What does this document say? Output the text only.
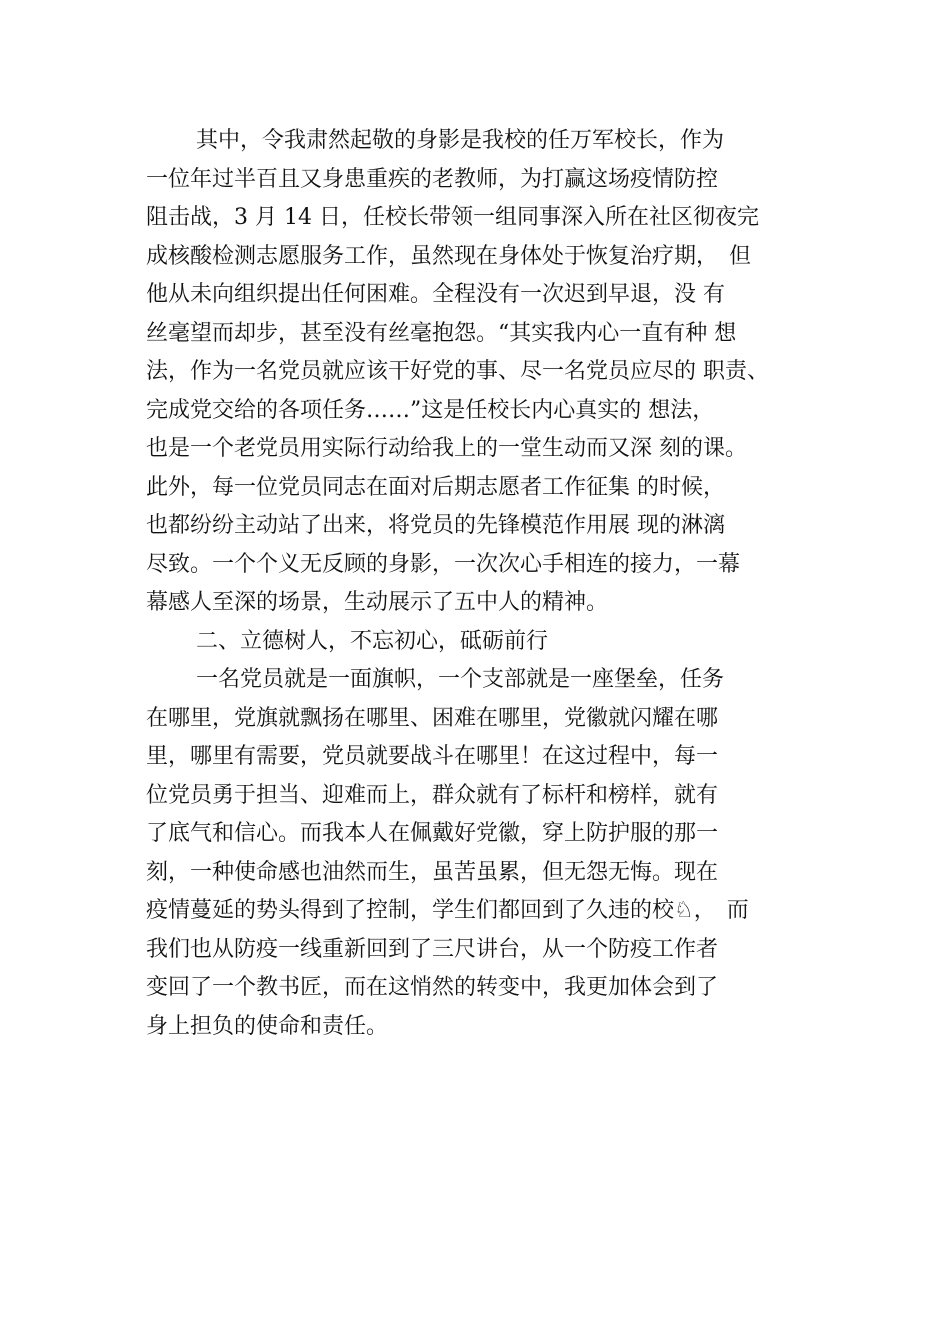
其中，令我肃然起敬的身影是我校的任万军校长，作为
一位年过半百且又身患重疾的老教师，为打赢这场疫情防控
阻击战，3 月 14 日，任校长带领一组同事深入所在社区彻夜完
成核酸检测志愿服务工作，虽然现在身体处于恢复治疗期，　但
他从未向组织提出任何困难。全程没有一次迟到早退，没 有
丝毫望而却步，甚至没有丝毫抱怨。“其实我内心一直有种 想
法，作为一名党员就应该干好党的事、尽一名党员应尽的 职责、
完成党交给的各项任务……”这是任校长内心真实的 想法，
也是一个老党员用实际行动给我上的一堂生动而又深 刻的课。
此外，每一位党员同志在面对后期志愿者工作征集 的时候，
也都纷纷主动站了出来，将党员的先锋模范作用展 现的淋漓
尽致。一个个义无反顾的身影，一次次心手相连的接力，一幕
幕感人至深的场景，生动展示了五中人的精神。
二、立德树人，不忘初心，砥砺前行
一名党员就是一面旗帜，一个支部就是一座堡垒，任务
在哪里，党旗就飘扬在哪里、困难在哪里，党徽就闪耀在哪
里，哪里有需要，党员就要战斗在哪里！在这过程中，每一
位党员勇于担当、迎难而上，群众就有了标杆和榜样，就有
了底气和信心。而我本人在佩戴好党徽，穿上防护服的那一
刻，一种使命感也油然而生，虽苦虽累，但无怨无悔。现在
疫情蔓延的势头得到了控制，学生们都回到了久违的校♘，　而
我们也从防疫一线重新回到了三尺讲台，从一个防疫工作者
变回了一个教书匠，而在这悄然的转变中，我更加体会到了
身上担负的使命和责任。
